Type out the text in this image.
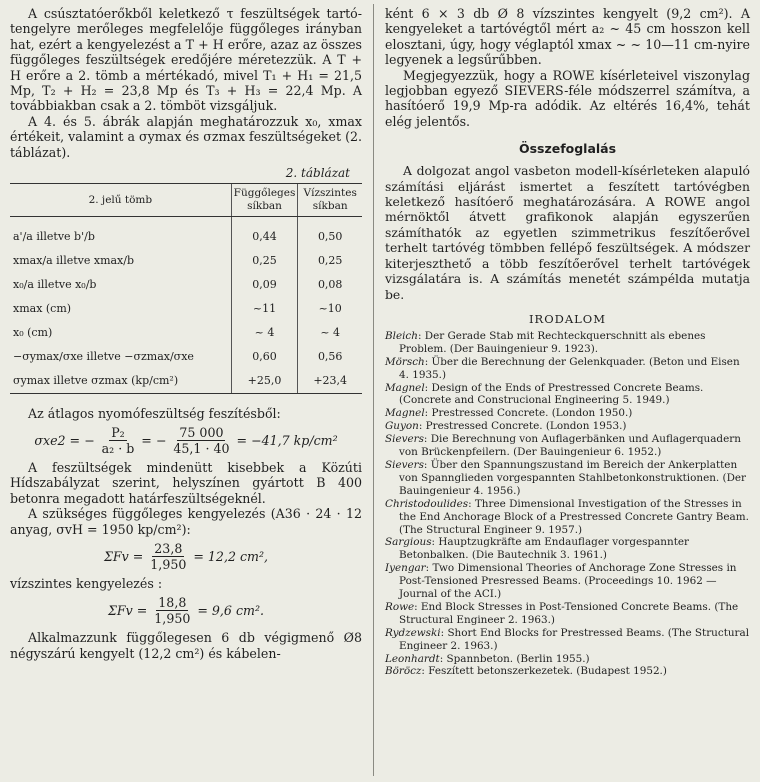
A csúsztatóerőkből keletkező τ feszültségek tartó-tengelyre merőleges megfelelője függőleges irányban hat, ezért a kengyelezést a T + H erőre, azaz az összes függőleges feszültségek eredőjére méretezzük. A T + H erőre a 2. tömb a mértékadó, mivel T₁ + H₁ = 21,5 Mp, T₂ + H₂ = 23,8 Mp és T₃ + H₃ = 22,4 Mp. A továbbiakban csak a 2. tömböt vizsgáljuk.

A 4. és 5. ábrák alapján meghatározzuk x₀, xmax értékeit, valamint a σymax és σzmax feszültségeket (2. táblázat).

2. táblázat

2. jelű tömb	Függőleges síkban	Vízszintes síkban

a'/a illetve b'/b	0,44	0,50
xmax/a illetve xmax/b	0,25	0,25
x₀/a illetve x₀/b	0,09	0,08
xmax (cm)	~11	~10
x₀ (cm)	~ 4	~ 4
−σymax/σxe illetve −σzmax/σxe	0,60	0,56
σymax illetve σzmax (kp/cm²)	+25,0	+23,4

Az átlagos nyomófeszültség feszítésből:

σxe2 = − $\frac{\text{P₂}}{\text{a₂ · b}}$ = − $\frac{75 000}{45,1 \cdot 40} = -41,7$ kp/cm²

A feszültségek mindenütt kisebbek a Közúti Hídszabályzat szerint, helyszínen gyártott B 400 betonra megadott határfeszültségeknél.

A szükséges függőleges kengyelezés (A36 · 24 · 12 anyag, σvH = 1950 kp/cm²):

$\Sigma Fv = \frac{23,8}{1,950} = 12,2$ cm²,

vízszintes kengyelezés :

$\Sigma Fv = \frac{18,8}{1,950} = 9,6$ cm².

Alkalmazzunk függőlegesen 6 db végigmenő Ø8 négyszárú kengyelt (12,2 cm²) és kábelen-

ként 6 × 3 db Ø 8 vízszintes kengyelt (9,2 cm²). A kengyeleket a tartóvégtől mért a₂ ~ 45 cm hosszon kell elosztani, úgy, hogy véglaptól xmax ~ ~ 10—11 cm-nyire legyenek a legsűrűbben.

Megjegyezzük, hogy a ROWE kísérleteivel viszonylag legjobban egyező SIEVERS-féle módszerrel számítva, a hasítóerő 19,9 Mp-ra adódik. Az eltérés 16,4%, tehát elég jelentős.

Összefoglalás

A dolgozat angol vasbeton modell-kísérleteken alapuló számítási eljárást ismertet a feszített tartóvégben keletkező hasítóerő meghatározására. A ROWE angol mérnöktől átvett grafikonok alapján egyszerűen számíthatók az egyetlen szimmetrikus feszítőerővel terhelt tartóvég tömbben fellépő feszültségek. A módszer kiterjeszthető a több feszítőerővel terhelt tartóvégek vizsgálatára is. A számítás menetét számpélda mutatja be.

IRODALOM

Bleich: Der Gerade Stab mit Rechteckquerschnitt als ebenes Problem. (Der Bauingenieur 9. 1923).

Mörsch: Über die Berechnung der Gelenkquader. (Beton und Eisen 4. 1935.)

Magnel: Design of the Ends of Prestressed Concrete Beams. (Concrete and Construcional Engineering 5. 1949.)

Magnel: Prestressed Concrete. (London 1950.)

Guyon: Prestressed Concrete. (London 1953.)

Sievers: Die Berechnung von Auflagerbänken und Auflagerquadern von Brückenpfeilern. (Der Bauingenieur 6. 1952.)

Sievers: Über den Spannungszustand im Bereich der Ankerplatten von Spannglieden vorgespannten Stahlbetonkonstruktionen. (Der Bauingenieur 4. 1956.)

Christodoulides: Three Dimensional Investigation of the Stresses in the End Anchorage Block of a Prestressed Concrete Gantry Beam. (The Structural Engineer 9. 1957.)

Sargious: Hauptzugkräfte am Endauflager vorgespannter Betonbalken. (Die Bautechnik 3. 1961.)

Iyengar: Two Dimensional Theories of Anchorage Zone Stresses in Post-Tensioned Presressed Beams. (Proceedings 10. 1962 — Journal of the ACI.)

Rowe: End Block Stresses in Post-Tensioned Concrete Beams. (The Structural Engineer 2. 1963.)

Rydzewski: Short End Blocks for Prestressed Beams. (The Structural Engineer 2. 1963.)

Leonhardt: Spannbeton. (Berlin 1955.)

Böröcz: Feszített betonszerkezetek. (Budapest 1952.)
